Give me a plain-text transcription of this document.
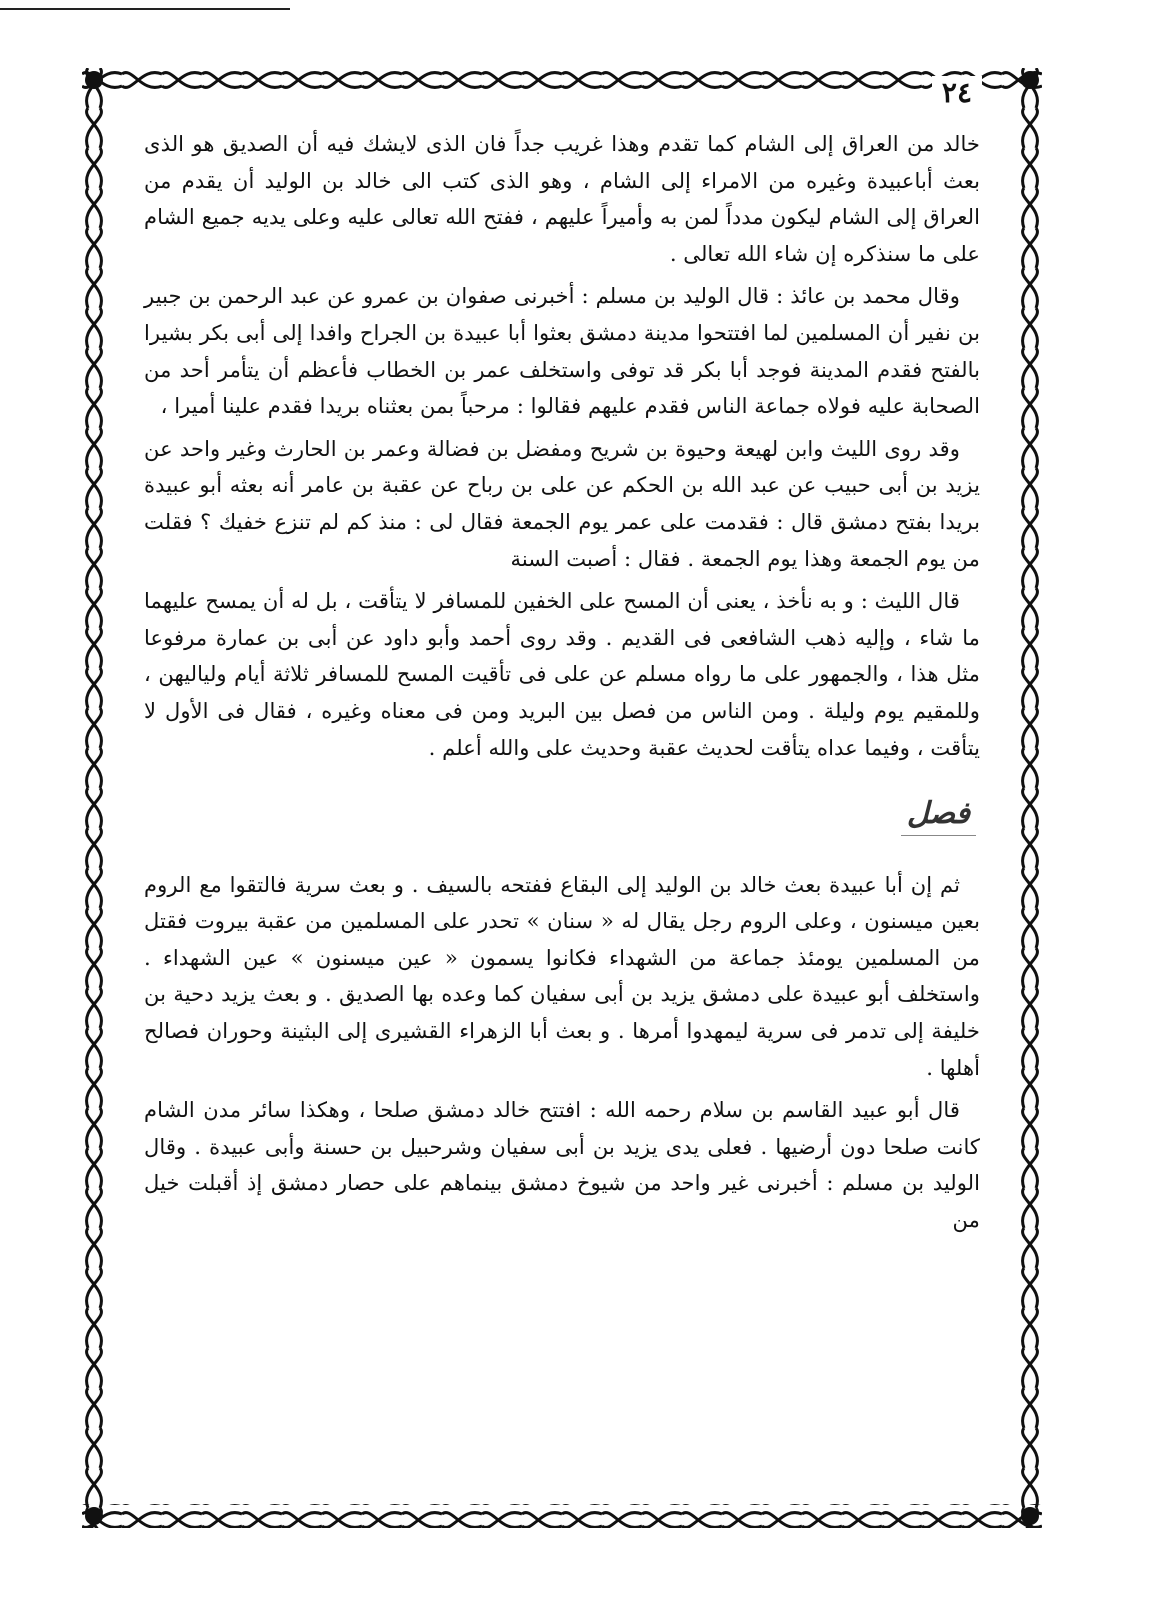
٢٤

خالد من العراق إلى الشام كما تقدم وهذا غريب جداً فان الذى لايشك فيه أن الصديق هو الذى بعث أباعبيدة وغيره من الامراء إلى الشام ، وهو الذى كتب الى خالد بن الوليد أن يقدم من العراق إلى الشام ليكون مدداً لمن به وأميراً عليهم ، ففتح الله تعالى عليه وعلى يديه جميع الشام على ما سنذكره إن شاء الله تعالى .

وقال محمد بن عائذ : قال الوليد بن مسلم : أخبرنى صفوان بن عمرو عن عبد الرحمن بن جبير بن نفير أن المسلمين لما افتتحوا مدينة دمشق بعثوا أبا عبيدة بن الجراح وافدا إلى أبى بكر بشيرا بالفتح فقدم المدينة فوجد أبا بكر قد توفى واستخلف عمر بن الخطاب فأعظم أن يتأمر أحد من الصحابة عليه فولاه جماعة الناس فقدم عليهم فقالوا : مرحباً بمن بعثناه بريدا فقدم علينا أميرا ،

وقد روى الليث وابن لهيعة وحيوة بن شريح ومفضل بن فضالة وعمر بن الحارث وغير واحد عن يزيد بن أبى حبيب عن عبد الله بن الحكم عن على بن رباح عن عقبة بن عامر أنه بعثه أبو عبيدة بريدا بفتح دمشق قال : فقدمت على عمر يوم الجمعة فقال لى : منذ كم لم تنزع خفيك ؟ فقلت من يوم الجمعة وهذا يوم الجمعة . فقال : أصبت السنة

قال الليث : و به نأخذ ، يعنى أن المسح على الخفين للمسافر لا يتأقت ، بل له أن يمسح عليهما ما شاء ، وإليه ذهب الشافعى فى القديم . وقد روى أحمد وأبو داود عن أبى بن عمارة مرفوعا مثل هذا ، والجمهور على ما رواه مسلم عن على فى تأقيت المسح للمسافر ثلاثة أيام ولياليهن ، وللمقيم يوم وليلة . ومن الناس من فصل بين البريد ومن فى معناه وغيره ، فقال فى الأول لا يتأقت ، وفيما عداه يتأقت لحديث عقبة وحديث على والله أعلم .

فصل

ثم إن أبا عبيدة بعث خالد بن الوليد إلى البقاع ففتحه بالسيف . و بعث سرية فالتقوا مع الروم بعين ميسنون ، وعلى الروم رجل يقال له « سنان » تحدر على المسلمين من عقبة بيروت فقتل من المسلمين يومئذ جماعة من الشهداء فكانوا يسمون « عين ميسنون » عين الشهداء . واستخلف أبو عبيدة على دمشق يزيد بن أبى سفيان كما وعده بها الصديق . و بعث يزيد دحية بن خليفة إلى تدمر فى سرية ليمهدوا أمرها . و بعث أبا الزهراء القشيرى إلى البثينة وحوران فصالح أهلها .

قال أبو عبيد القاسم بن سلام رحمه الله : افتتح خالد دمشق صلحا ، وهكذا سائر مدن الشام كانت صلحا دون أرضيها . فعلى يدى يزيد بن أبى سفيان وشرحبيل بن حسنة وأبى عبيدة . وقال الوليد بن مسلم : أخبرنى غير واحد من شيوخ دمشق بينماهم على حصار دمشق إذ أقبلت خيل من
